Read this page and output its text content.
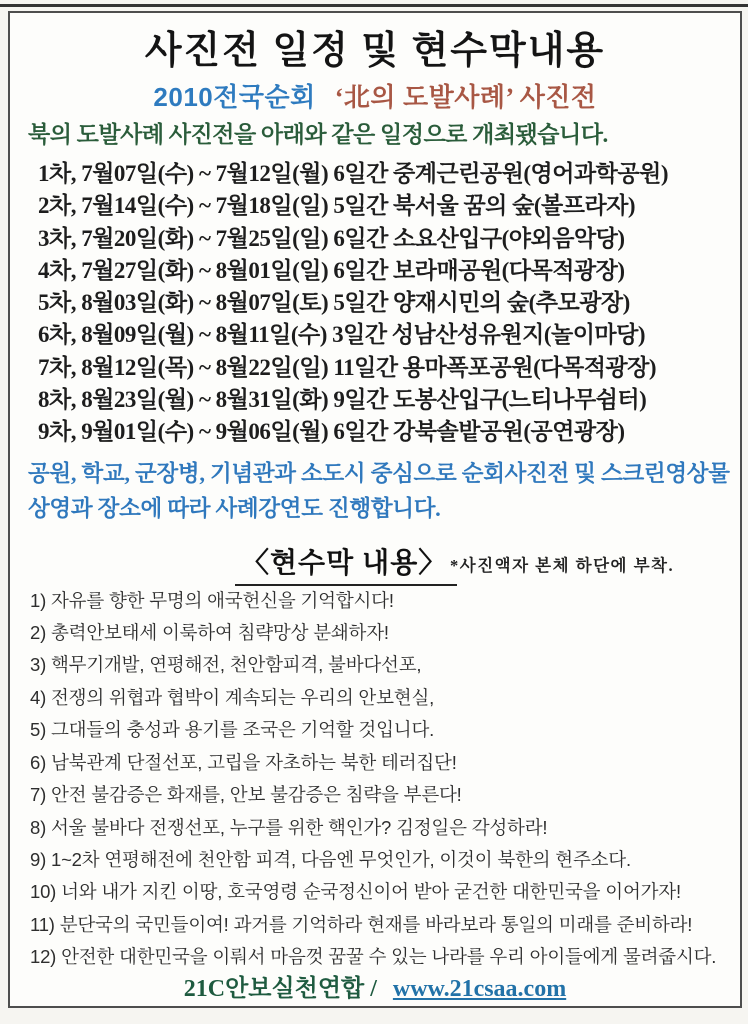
사진전 일정 및 현수막내용
2010전국순회 ‘北의 도발사례’ 사진전
북의 도발사례 사진전을 아래와 같은 일정으로 개최됐습니다.
1차, 7월07일(수) ~ 7월12일(월) 6일간 중계근린공원(영어과학공원)
2차, 7월14일(수) ~ 7월18일(일) 5일간 북서울 꿈의 숲(볼프라자)
3차, 7월20일(화) ~ 7월25일(일) 6일간 소요산입구(야외음악당)
4차, 7월27일(화) ~ 8월01일(일) 6일간 보라매공원(다목적광장)
5차, 8월03일(화) ~ 8월07일(토) 5일간 양재시민의 숲(추모광장)
6차, 8월09일(월) ~ 8월11일(수) 3일간 성남산성유원지(놀이마당)
7차, 8월12일(목) ~ 8월22일(일) 11일간 용마폭포공원(다목적광장)
8차, 8월23일(월) ~ 8월31일(화) 9일간 도봉산입구(느티나무쉼터)
9차, 9월01일(수) ~ 9월06일(월) 6일간 강북솔밭공원(공연광장)
공원, 학교, 군장병, 기념관과 소도시 중심으로 순회사진전 및 스크린영상물 상영과 장소에 따라 사례강연도 진행합니다.
〈현수막 내용〉 *사진액자 본체 하단에 부착.
1) 자유를 향한 무명의 애국헌신을 기억합시다!
2) 총력안보태세 이룩하여 침략망상 분쇄하자!
3) 핵무기개발, 연평해전, 천안함피격, 불바다선포,
4) 전쟁의 위협과 협박이 계속되는 우리의 안보현실,
5) 그대들의 충성과 용기를 조국은 기억할 것입니다.
6) 남북관계 단절선포, 고립을 자초하는 북한 테러집단!
7) 안전 불감증은 화재를, 안보 불감증은 침략을 부른다!
8) 서울 불바다 전쟁선포, 누구를 위한 핵인가? 김정일은 각성하라!
9) 1~2차 연평해전에 천안함 피격, 다음엔 무엇인가, 이것이 북한의 현주소다.
10) 너와 내가 지킨 이땅, 호국영령 순국정신이어 받아 굳건한 대한민국을 이어가자!
11) 분단국의 국민들이여! 과거를 기억하라 현재를 바라보라 통일의 미래를 준비하라!
12) 안전한 대한민국을 이뤄서 마음껏 꿈꿀 수 있는 나라를 우리 아이들에게 물려줍시다.
21C안보실천연합 / www.21csaa.com
